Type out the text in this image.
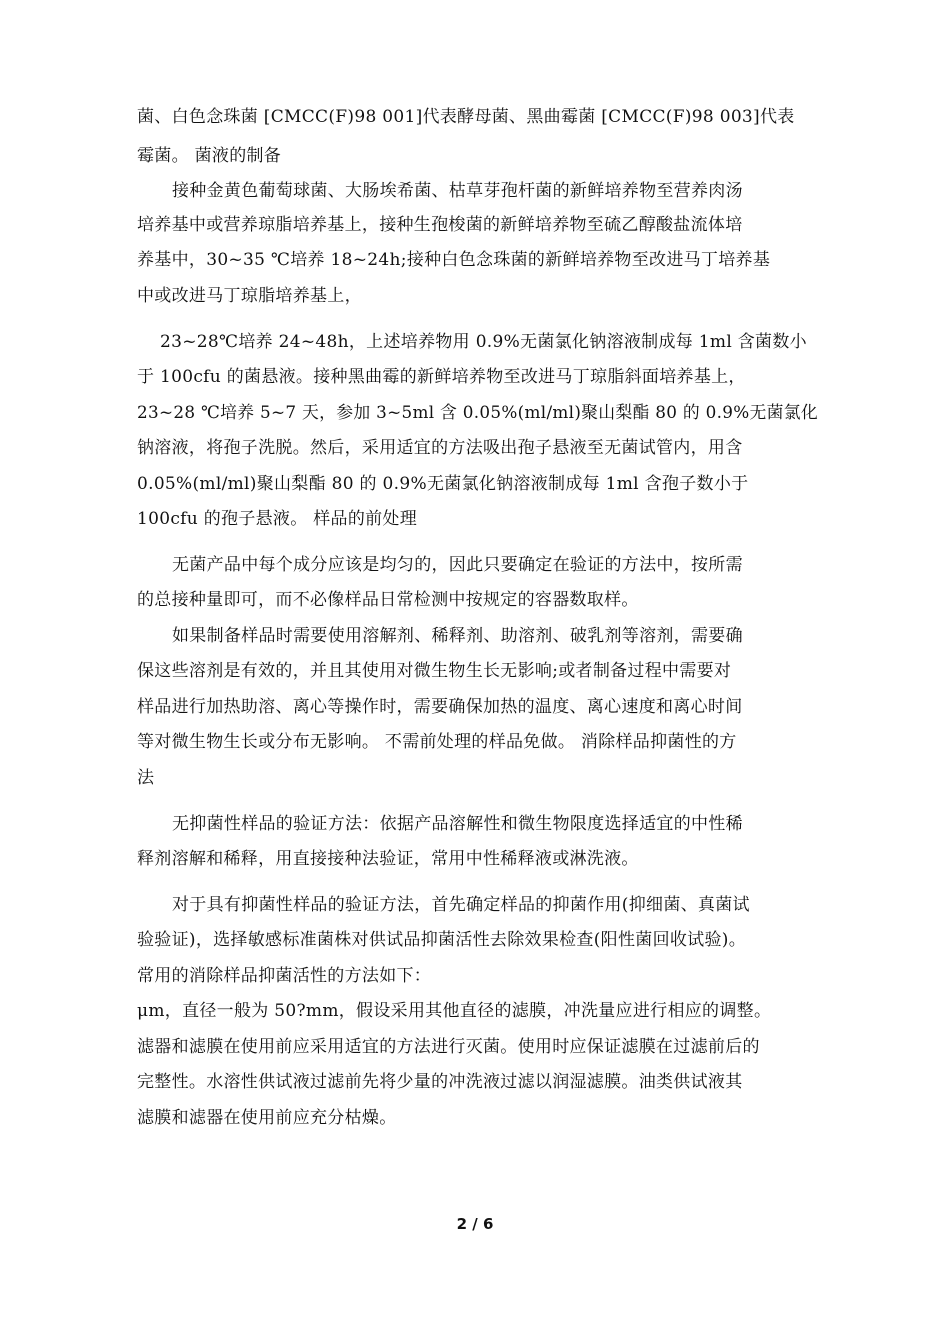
菌、白色念珠菌 [CMCC(F)98 001]代表酵母菌、黑曲霉菌 [CMCC(F)98 003]代表
霉菌。 菌液的制备
接种金黄色葡萄球菌、大肠埃希菌、枯草芽孢杆菌的新鲜培养物至营养肉汤
培养基中或营养琼脂培养基上，接种生孢梭菌的新鲜培养物至硫乙醇酸盐流体培
养基中，30~35 ℃培养 18~24h;接种白色念珠菌的新鲜培养物至改进马丁培养基
中或改进马丁琼脂培养基上，
23~28℃培养 24~48h，上述培养物用 0.9%无菌氯化钠溶液制成每 1ml 含菌数小
于 100cfu 的菌悬液。接种黑曲霉的新鲜培养物至改进马丁琼脂斜面培养基上，
23~28 ℃培养 5~7 天，参加 3~5ml 含 0.05%(ml/ml)聚山梨酯 80 的 0.9%无菌氯化
钠溶液，将孢子洗脱。然后，采用适宜的方法吸出孢子悬液至无菌试管内，用含
0.05%(ml/ml)聚山梨酯 80 的 0.9%无菌氯化钠溶液制成每 1ml 含孢子数小于
100cfu 的孢子悬液。 样品的前处理
无菌产品中每个成分应该是均匀的，因此只要确定在验证的方法中，按所需
的总接种量即可，而不必像样品日常检测中按规定的容器数取样。
如果制备样品时需要使用溶解剂、稀释剂、助溶剂、破乳剂等溶剂，需要确
保这些溶剂是有效的，并且其使用对微生物生长无影响;或者制备过程中需要对
样品进行加热助溶、离心等操作时，需要确保加热的温度、离心速度和离心时间
等对微生物生长或分布无影响。 不需前处理的样品免做。 消除样品抑菌性的方
法
无抑菌性样品的验证方法：依据产品溶解性和微生物限度选择适宜的中性稀
释剂溶解和稀释，用直接接种法验证，常用中性稀释液或淋洗液。
对于具有抑菌性样品的验证方法，首先确定样品的抑菌作用(抑细菌、真菌试
验验证)，选择敏感标准菌株对供试品抑菌活性去除效果检查(阳性菌回收试验)。
常用的消除样品抑菌活性的方法如下：
μm，直径一般为 50?mm，假设采用其他直径的滤膜，冲洗量应进行相应的调整。
滤器和滤膜在使用前应采用适宜的方法进行灭菌。使用时应保证滤膜在过滤前后的
完整性。水溶性供试液过滤前先将少量的冲洗液过滤以润湿滤膜。油类供试液其
滤膜和滤器在使用前应充分枯燥。
2 / 6
